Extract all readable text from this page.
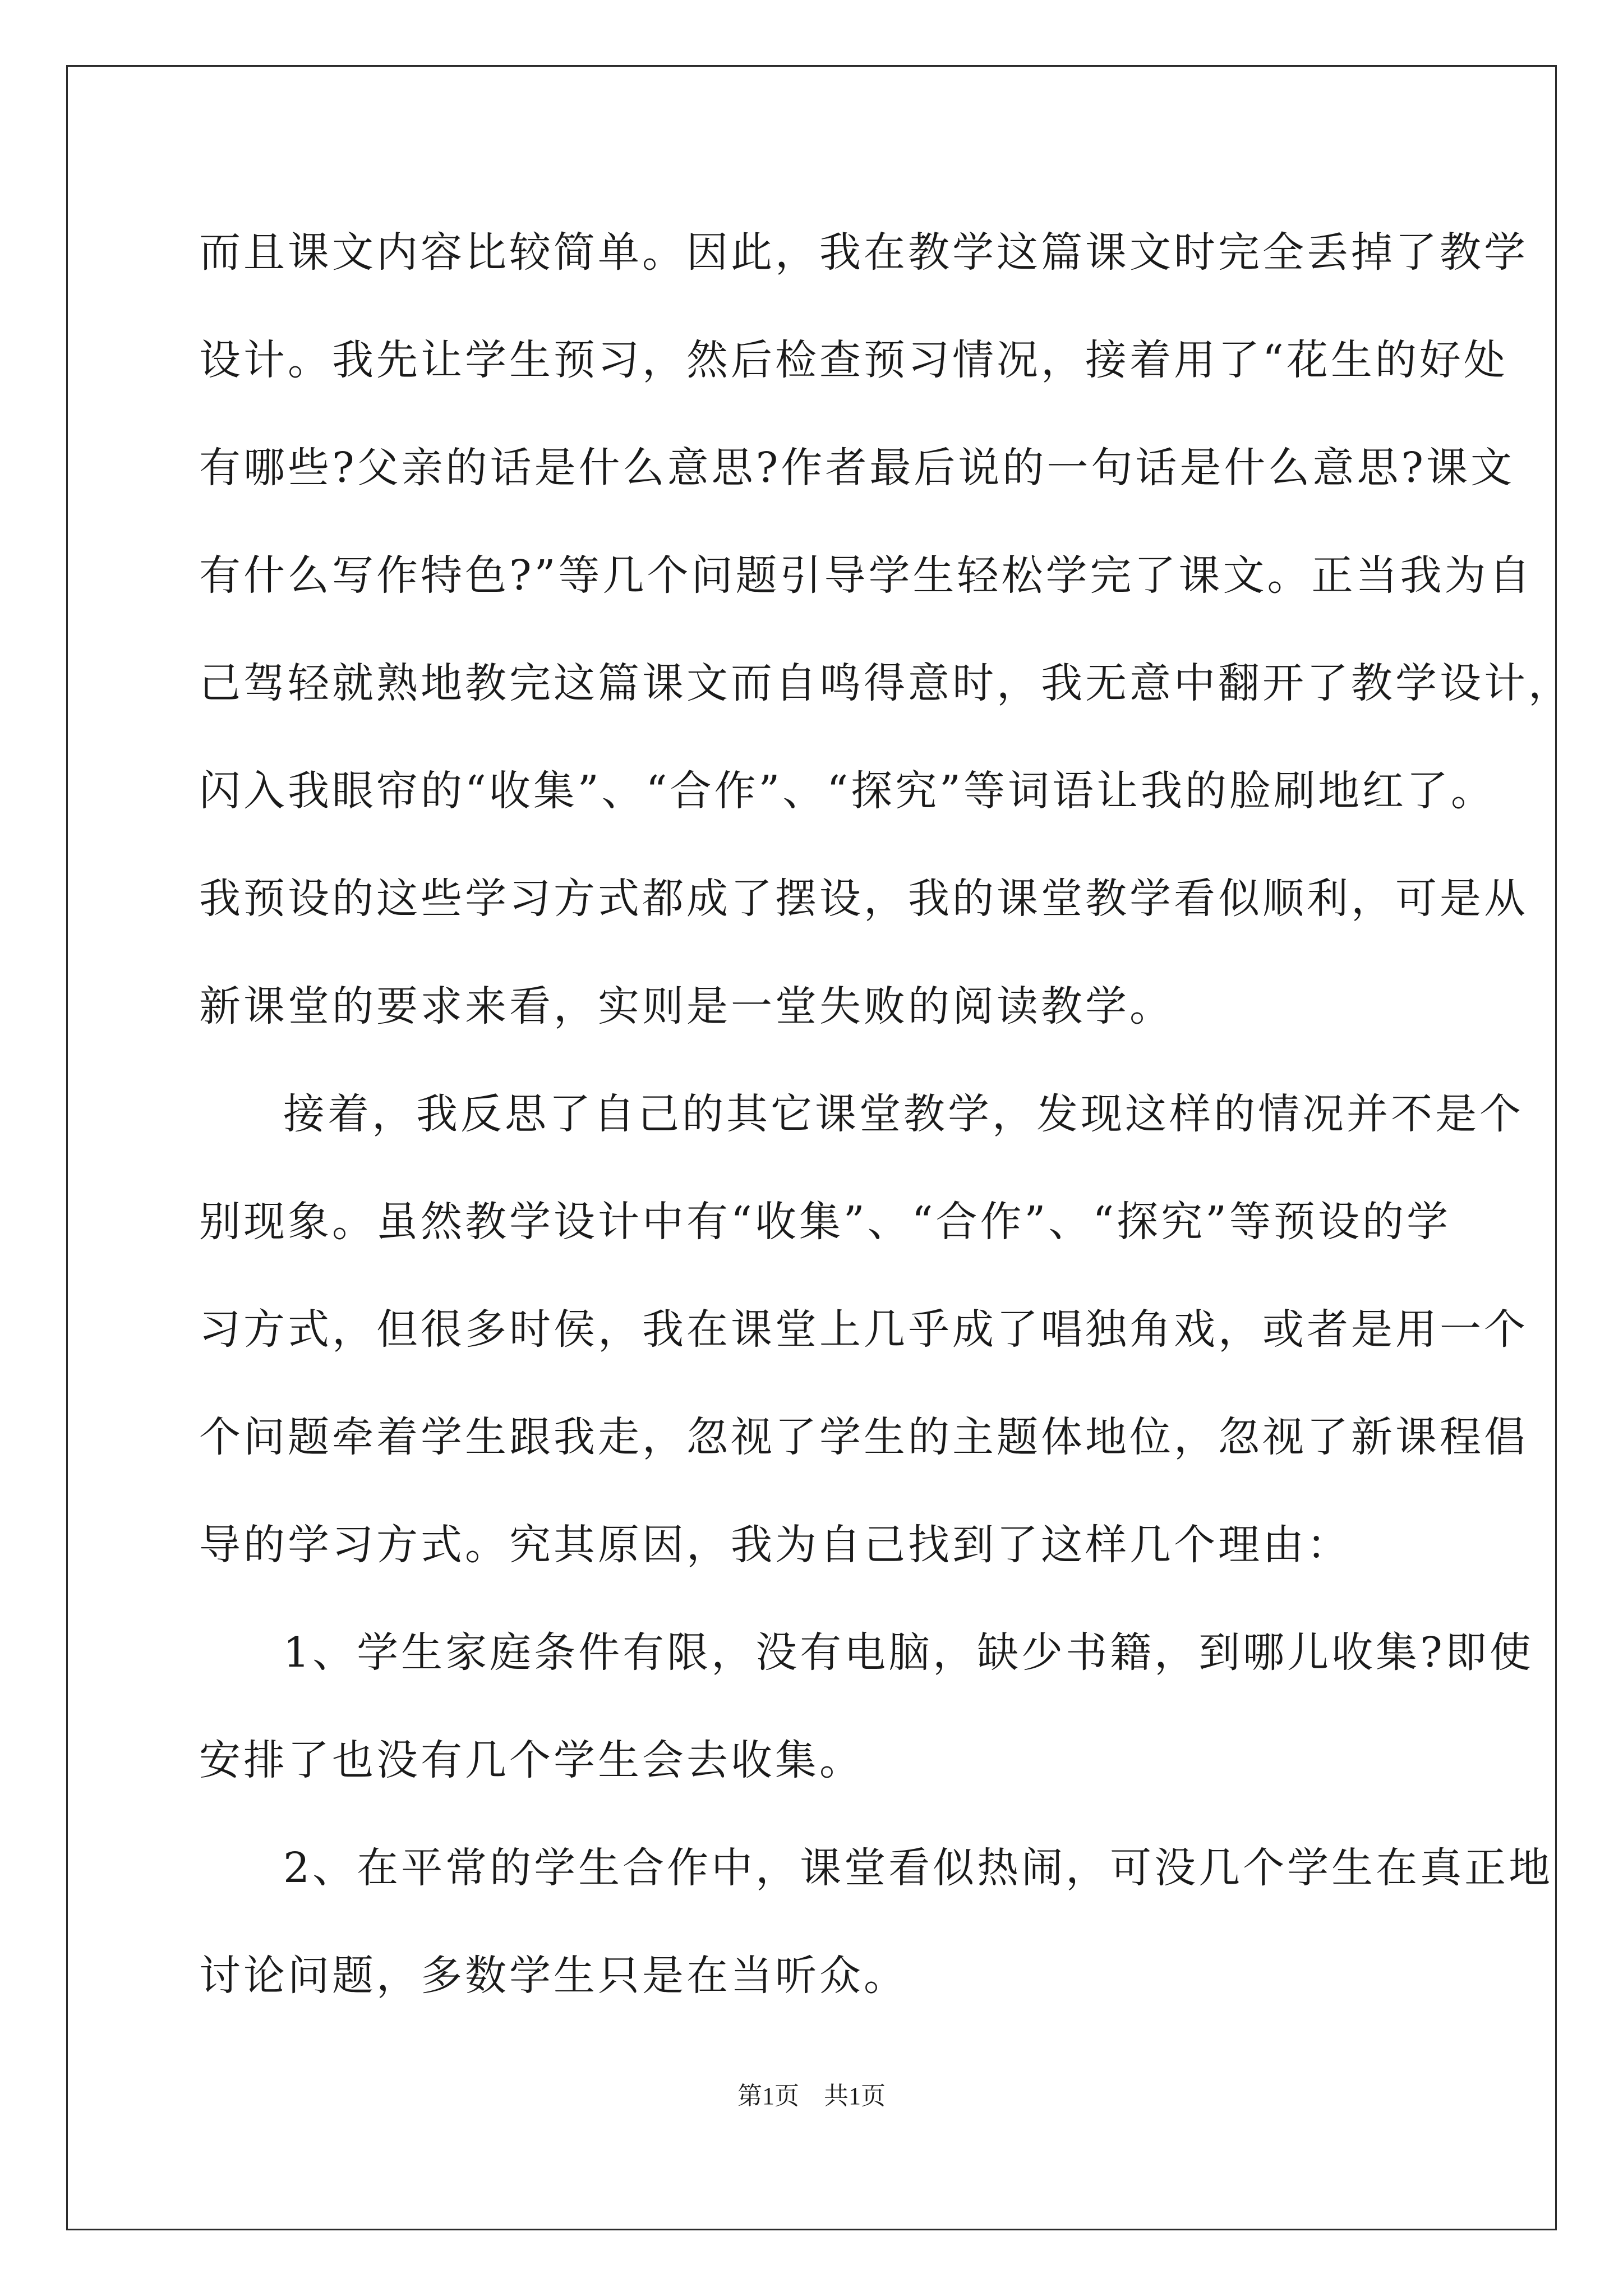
而且课文内容比较简单。因此，我在教学这篇课文时完全丢掉了教学
设计。我先让学生预习，然后检查预习情况，接着用了“花生的好处
有哪些?父亲的话是什么意思?作者最后说的一句话是什么意思?课文
有什么写作特色?”等几个问题引导学生轻松学完了课文。正当我为自
己驾轻就熟地教完这篇课文而自鸣得意时，我无意中翻开了教学设计，
闪入我眼帘的“收集”、“合作”、“探究”等词语让我的脸刷地红了。
我预设的这些学习方式都成了摆设，我的课堂教学看似顺利，可是从
新课堂的要求来看，实则是一堂失败的阅读教学。
接着，我反思了自己的其它课堂教学，发现这样的情况并不是个
别现象。虽然教学设计中有“收集”、“合作”、“探究”等预设的学
习方式，但很多时侯，我在课堂上几乎成了唱独角戏，或者是用一个
个问题牵着学生跟我走，忽视了学生的主题体地位，忽视了新课程倡
导的学习方式。究其原因，我为自己找到了这样几个理由：
1、学生家庭条件有限，没有电脑，缺少书籍，到哪儿收集?即使
安排了也没有几个学生会去收集。
2、在平常的学生合作中，课堂看似热闹，可没几个学生在真正地
讨论问题，多数学生只是在当听众。
第1页　共1页
